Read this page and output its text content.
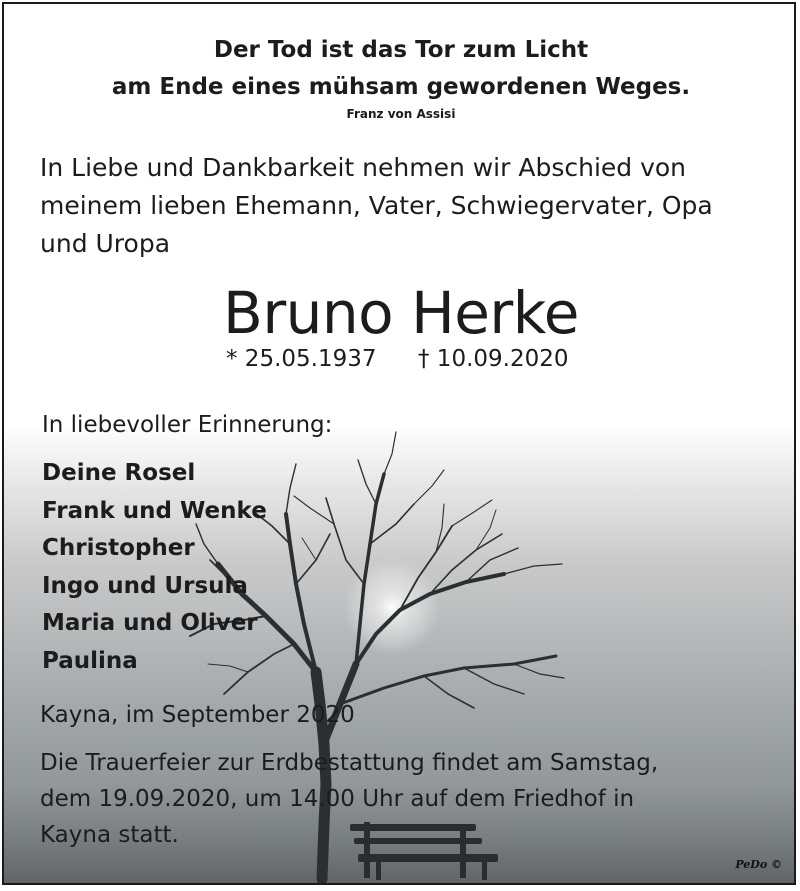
Der Tod ist das Tor zum Licht
am Ende eines mühsam gewordenen Weges.
Franz von Assisi
In Liebe und Dankbarkeit nehmen wir Abschied von meinem lieben Ehemann, Vater, Schwiegervater, Opa und Uropa
Bruno Herke
* 25.05.1937 † 10.09.2020
In liebevoller Erinnerung:
Deine Rosel
Frank und Wenke
Christopher
Ingo und Ursula
Maria und Oliver
Paulina
Kayna, im September 2020
Die Trauerfeier zur Erdbestattung findet am Samstag,
dem 19.09.2020, um 14.00 Uhr auf dem Friedhof in
Kayna statt.
PeDo ©
